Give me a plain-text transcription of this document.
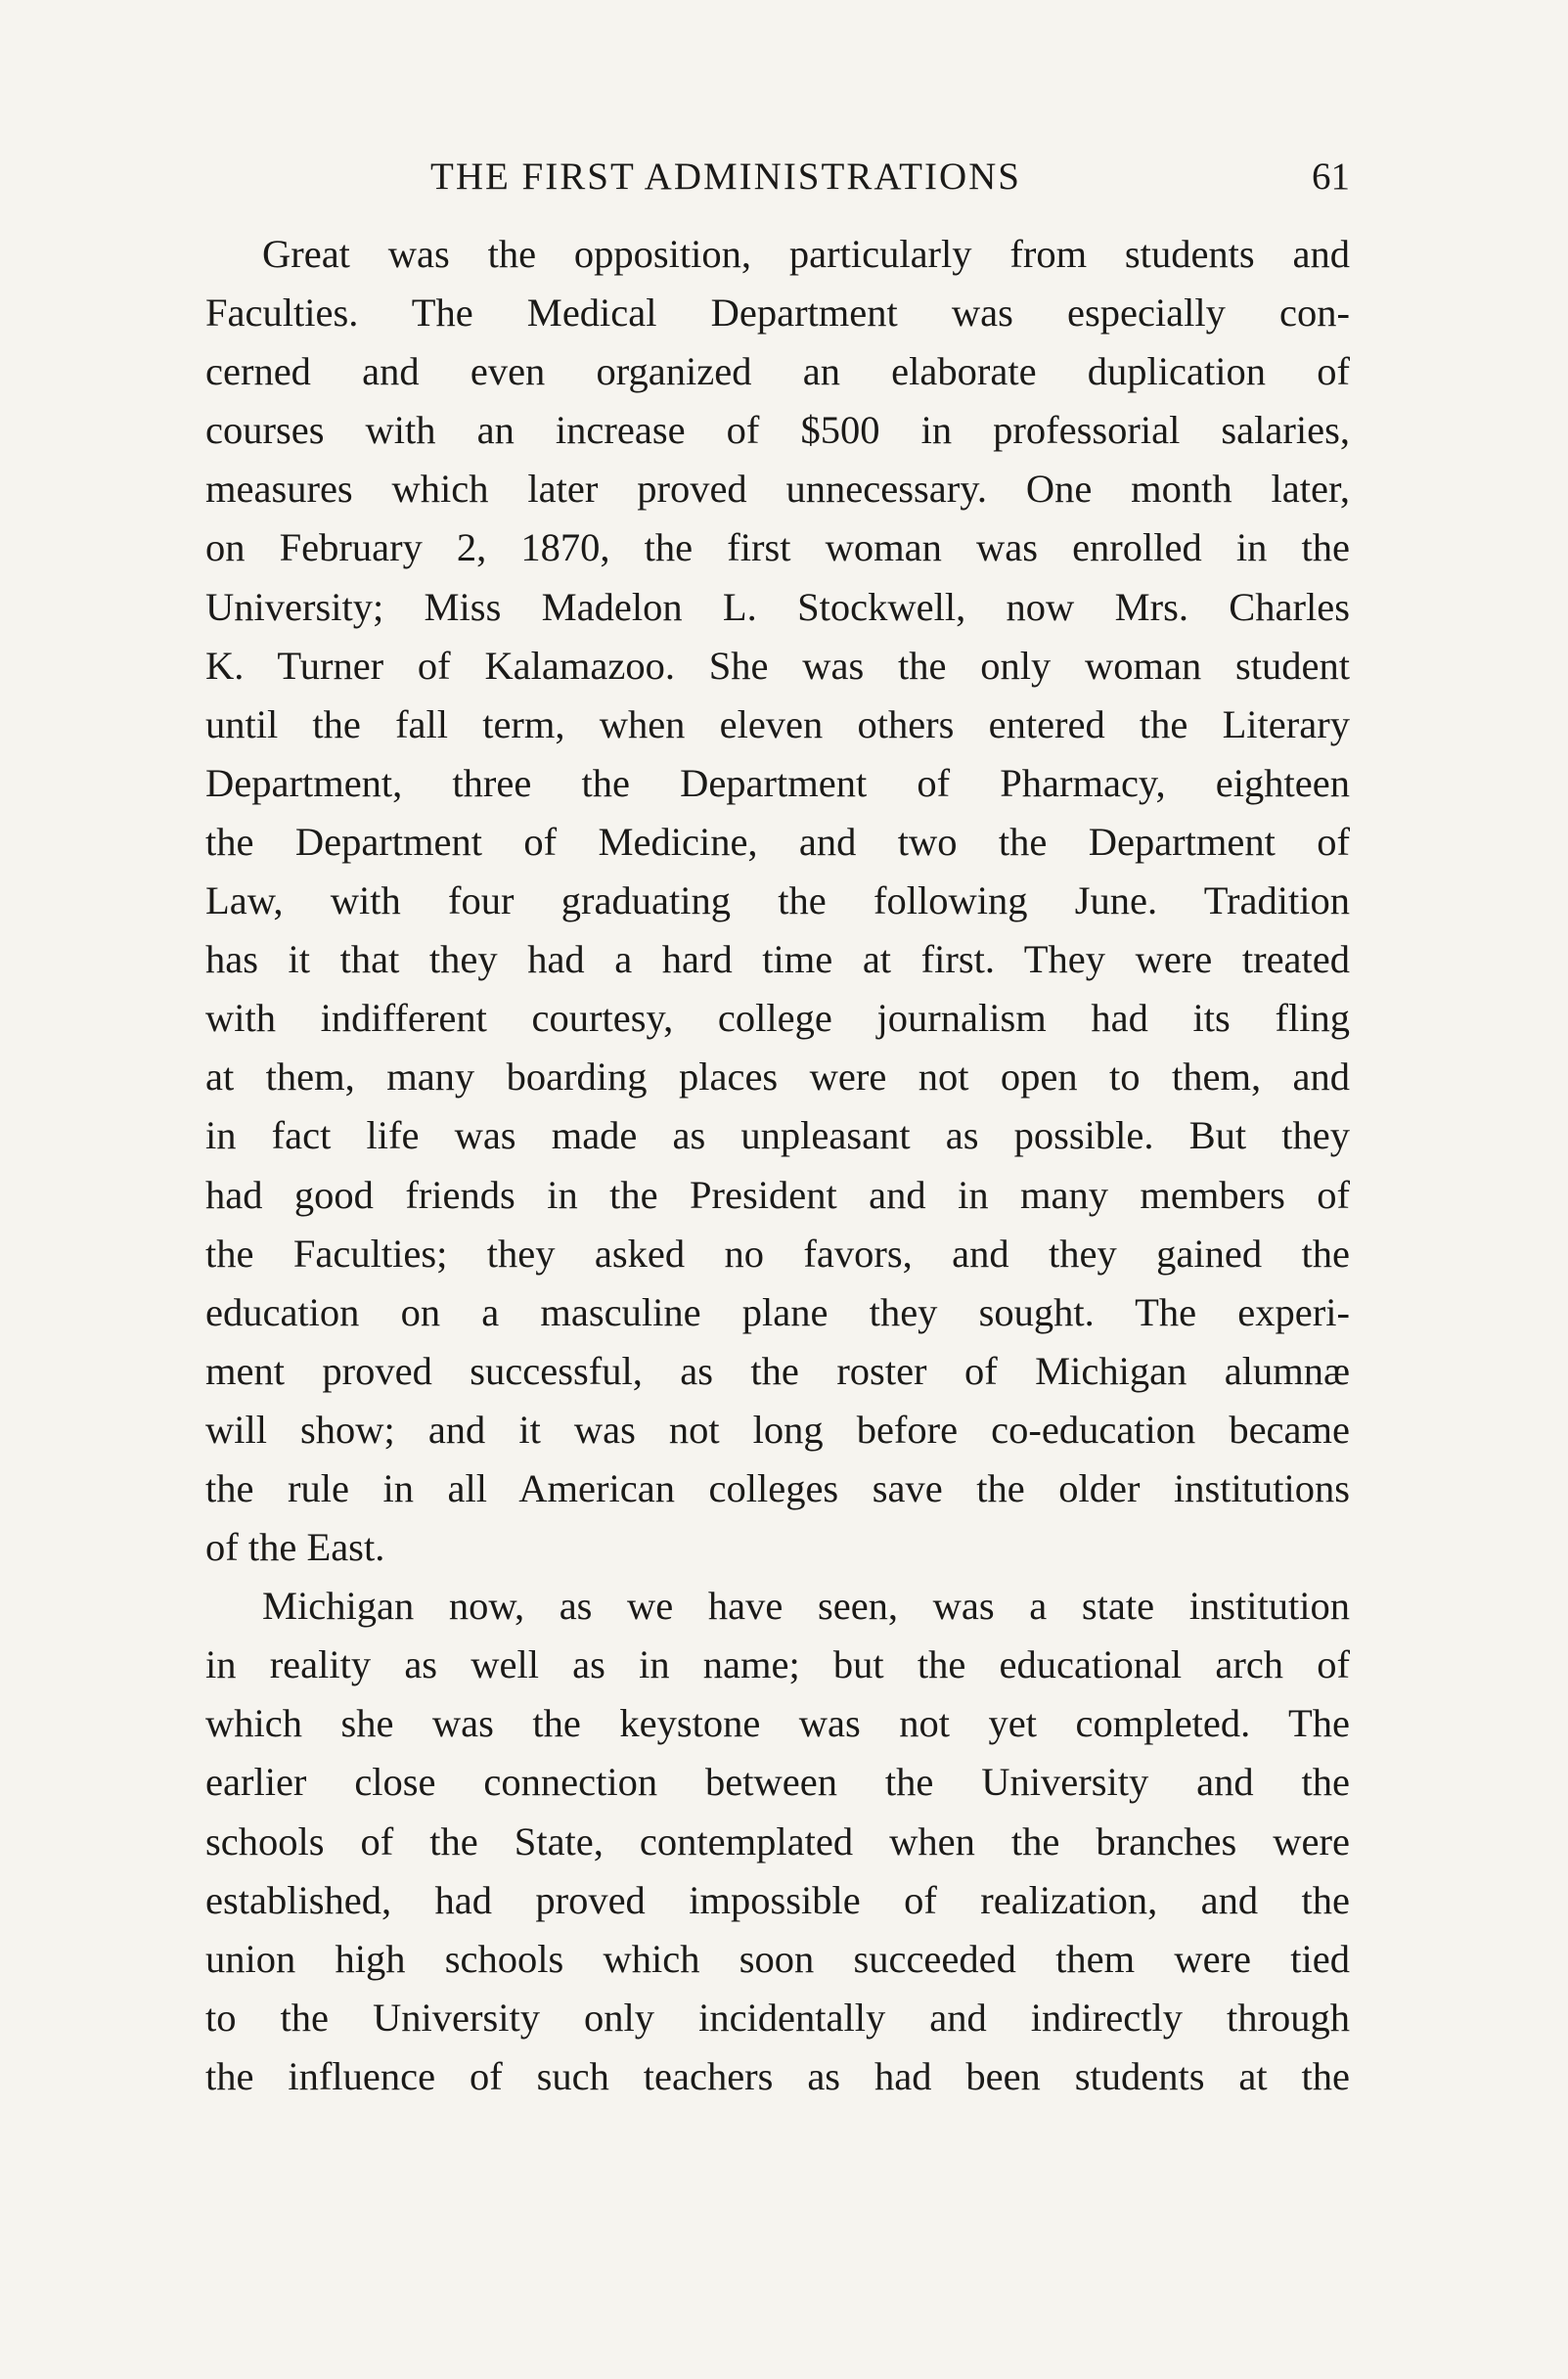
THE FIRST ADMINISTRATIONS	61
Great was the opposition, particularly from students and
Faculties. The Medical Department was especially con-
cerned and even organized an elaborate duplication of
courses with an increase of $500 in professorial salaries,
measures which later proved unnecessary. One month later,
on February 2, 1870, the first woman was enrolled in the
University; Miss Madelon L. Stockwell, now Mrs. Charles
K. Turner of Kalamazoo. She was the only woman student
until the fall term, when eleven others entered the Literary
Department, three the Department of Pharmacy, eighteen
the Department of Medicine, and two the Department of
Law, with four graduating the following June. Tradition
has it that they had a hard time at first. They were treated
with indifferent courtesy, college journalism had its fling
at them, many boarding places were not open to them, and
in fact life was made as unpleasant as possible. But they
had good friends in the President and in many members of
the Faculties; they asked no favors, and they gained the
education on a masculine plane they sought. The experi-
ment proved successful, as the roster of Michigan alumnæ
will show; and it was not long before co-education became
the rule in all American colleges save the older institutions
of the East.
Michigan now, as we have seen, was a state institution
in reality as well as in name; but the educational arch of
which she was the keystone was not yet completed. The
earlier close connection between the University and the
schools of the State, contemplated when the branches were
established, had proved impossible of realization, and the
union high schools which soon succeeded them were tied
to the University only incidentally and indirectly through
the influence of such teachers as had been students at the
